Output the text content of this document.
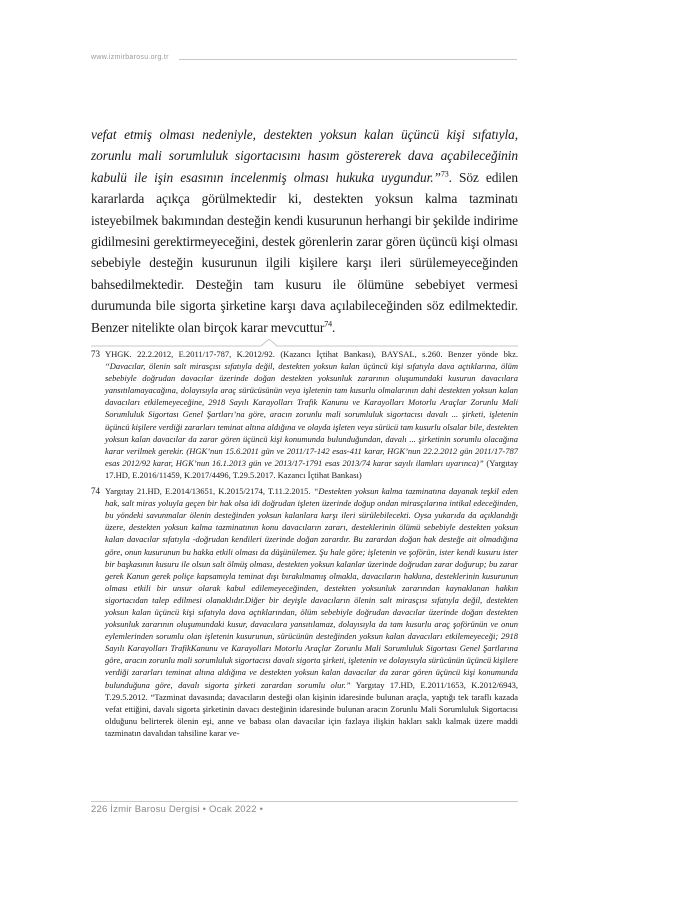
www.izmirbarosu.org.tr

vefat etmiş olması nedeniyle, destekten yoksun kalan üçüncü kişi sıfatıyla, zorunlu mali sorumluluk sigortacısını hasım göstererek dava açabileceğinin kabulü ile işin esasının incelenmiş olması hukuka uygundur.”$^{73}$. Söz edilen kararlarda açıkça görülmektedir ki, destekten yoksun kalma tazminatı isteyebilmek bakımından desteğin kendi kusurunun herhangi bir şekilde indirime gidilmesini gerektirmeyeceğini, destek görenlerin zarar gören üçüncü kişi olması sebebiyle desteğin kusurunun ilgili kişilere karşı ileri sürülemeyeceğinden bahsedilmektedir. Desteğin tam kusuru ile ölümüne sebebiyet vermesi durumunda bile sigorta şirketine karşı dava açılabileceğinden söz edilmektedir. Benzer nitelikte olan birçok karar mevcuttur$^{74}$.

73 YHGK. 22.2.2012, E.2011/17-787, K.2012/92. (Kazancı İçtihat Bankası), BAYSAL, s.260. Benzer yönde bkz. “Davacılar, ölenin salt mirasçısı sıfatıyla değil, destekten yoksun kalan üçüncü kişi sıfatıyla dava açtıklarına, ölüm sebebiyle doğrudan davacılar üzerinde doğan destekten yoksunluk zararının oluşumundaki kusurun davacılara yansıtılamayacağına, dolayısıyla araç sürücüsünün veya işletenin tam kusurlu olmalarının dahi destekten yoksun kalan davacıları etkilemeyeceğine, 2918 Sayılı Karayolları Trafik Kanunu ve Karayolları Motorlu Araçlar Zorunlu Mali Sorumluluk Sigortası Genel Şartları’na göre, aracın zorunlu mali sorumluluk sigortacısı davalı ... şirketi, işletenin üçüncü kişilere verdiği zararları teminat altına aldığına ve olayda işleten veya sürücü tam kusurlu olsalar bile, destekten yoksun kalan davacılar da zarar gören üçüncü kişi konumunda bulunduğundan, davalı ... şirketinin sorumlu olacağına karar verilmek gerekir. (HGK’nun 15.6.2011 gün ve 2011/17-142 esas-411 karar, HGK’nun 22.2.2012 gün 2011/17-787 esas 2012/92 karar, HGK’nun 16.1.2013 gün ve 2013/17-1791 esas 2013/74 karar sayılı ilamları uyarınca)” (Yargıtay 17.HD, E.2016/11459, K.2017/4496, T.29.5.2017. Kazancı İçtihat Bankası)
74 Yargıtay 21.HD, E.2014/13651, K.2015/2174, T.11.2.2015. “Destekten yoksun kalma tazminatına dayanak teşkil eden hak, salt miras yoluyla geçen bir hak olsa idi doğrudan işleten üzerinde doğup ondan mirasçılarına intikal edeceğinden, bu yöndeki savunmalar ölenin desteğinden yoksun kalanlara karşı ileri sürülebilecekti. Oysa yukarıda da açıklandığı üzere, destekten yoksun kalma tazminatının konu davacıların zararı, desteklerinin ölümü sebebiyle destekten yoksun kalan davacılar sıfatıyla -doğrudan kendileri üzerinde doğan zarardır. Bu zarardan doğan hak desteğe ait olmadığına göre, onun kusurunun bu hakka etkili olması da düşünülemez. Şu hale göre; işletenin ve şoförün, ister kendi kusuru ister bir başkasının kusuru ile olsun salt ölmüş olması, destekten yoksun kalanlar üzerinde doğrudan zarar doğurup; bu zarar gerek Kanun gerek poliçe kapsamıyla teminat dışı bırakılmamış olmakla, davacıların hakkına, desteklerinin kusurunun olması etkili bir unsur olarak kabul edilemeyeceğinden, destekten yoksunluk zararından kaynaklanan hakkın sigortacıdan talep edilmesi olanaklıdır.Diğer bir deyişle davacıların ölenin salt mirasçısı sıfatıyla değil, destekten yoksun kalan üçüncü kişi sıfatıyla dava açtıklarından, ölüm sebebiyle doğrudan davacılar üzerinde doğan destekten yoksunluk zararının oluşumundaki kusur, davacılara yansıtılamaz, dolayısıyla da tam kusurlu araç şoförünün ve onun eylemlerinden sorumlu olan işletenin kusurunun, sürücünün desteğinden yoksun kalan davacıları etkilemeyeceği; 2918 Sayılı Karayolları TrafikKanunu ve Karayolları Motorlu Araçlar Zorunlu Mali Sorumluluk Sigortası Genel Şartlarına göre, aracın zorunlu mali sorumluluk sigortacısı davalı sigorta şirketi, işletenin ve dolayısıyla sürücünün üçüncü kişilere verdiği zararları teminat altına aldığına ve destekten yoksun kalan davacılar da zarar gören üçüncü kişi konumunda bulunduğuna göre, davalı sigorta şirketi zarardan sorumlu olur.” Yargıtay 17.HD, E.2011/1653, K.2012/6943, T.29.5.2012. “Tazminat davasında; davacıların desteği olan kişinin idaresinde bulunan araçla, yaptığı tek taraflı kazada vefat ettiğini, davalı sigorta şirketinin davacı desteğinin idaresinde bulunan aracın Zorunlu Mali Sorumluluk Sigortacısı olduğunu belirterek ölenin eşi, anne ve babası olan davacılar için fazlaya ilişkin hakları saklı kalmak üzere maddi tazminatın davalıdan tahsiline karar ve-
226 İzmir Barosu Dergisi • Ocak 2022 •
